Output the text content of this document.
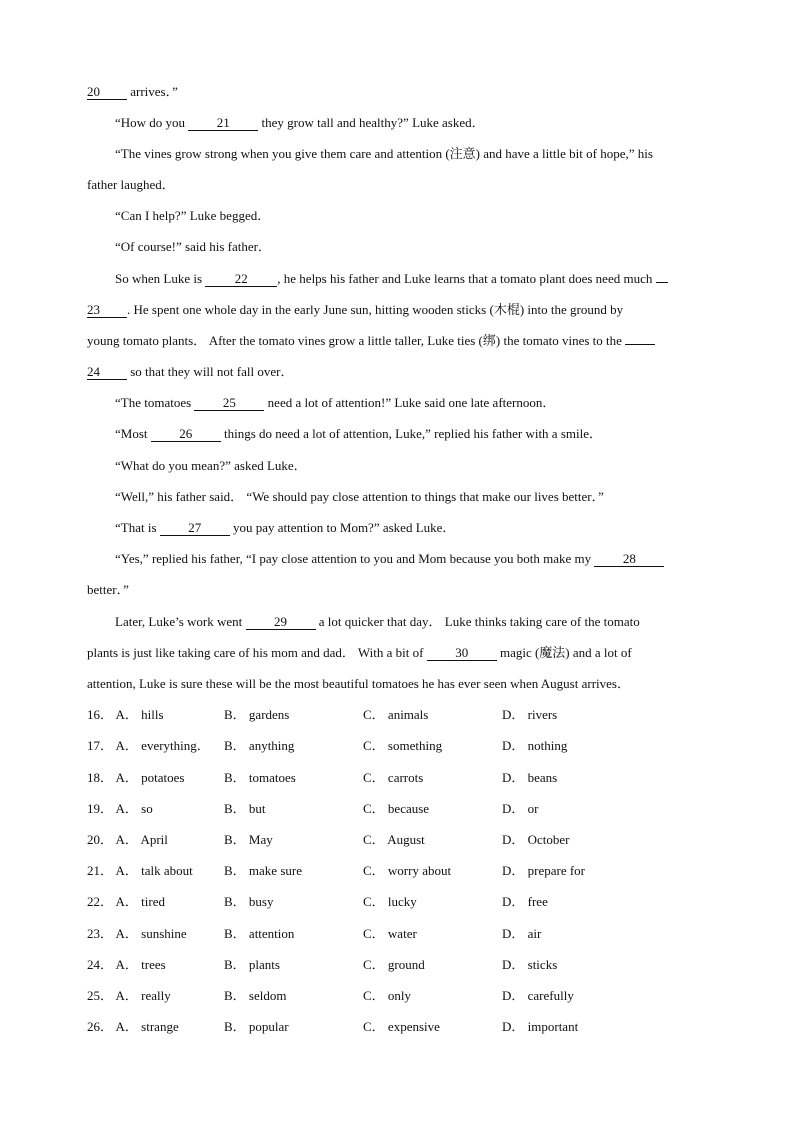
20 arrives．”
“How do you 21 they grow tall and healthy?” Luke asked．
“The vines grow strong when you give them care and attention (注意) and have a little bit of hope,” his
father laughed．
“Can I help?” Luke begged．
“Of course!” said his father．
So when Luke is	22 , he helps his father and Luke learns that a tomato plant does need much
23 . He spent one whole day in the early June sun, hitting wooden sticks (木棍) into the ground by
young tomato plants． After the tomato vines grow a little taller, Luke ties (绑) the tomato vines to the
24 so that they will not fall over．
“The tomatoes 25 need a lot of attention!” Luke said one late afternoon．
“Most 26 things do need a lot of attention, Luke,” replied his father with a smile．
“What do you mean?” asked Luke．
“Well,” his father said． “We should pay close attention to things that make our lives better．”
“That is 27 you pay attention to Mom?” asked Luke．
“Yes,” replied his father, “I pay close attention to you and Mom because you both make my 28
better．”
Later, Luke’s work went 29 a lot quicker that day． Luke thinks taking care of the tomato
plants is just like taking care of his mom and dad． With a bit of 30 magic (魔法) and a lot of
attention, Luke is sure these will be the most beautiful tomatoes he has ever seen when August arrives．
16． A． hills	B． gardens	C． animals	D． rivers
17． A． everything． B． anything	C． something	D． nothing
18． A． potatoes	B． tomatoes	C． carrots	D． beans
19． A． so	B． but	C． because	D． or
20． A． April	B． May	C． August	D． October
21． A． talk about B． make sure	C． worry about	D． prepare for
22． A． tired	B． busy	C． lucky	D． free
23． A． sunshine	B． attention	C． water	D． air
24． A． trees	B． plants	C． ground	D． sticks
25． A． really	B． seldom	C． only	D． carefully
26． A． strange	B． popular	C． expensive	D． important
